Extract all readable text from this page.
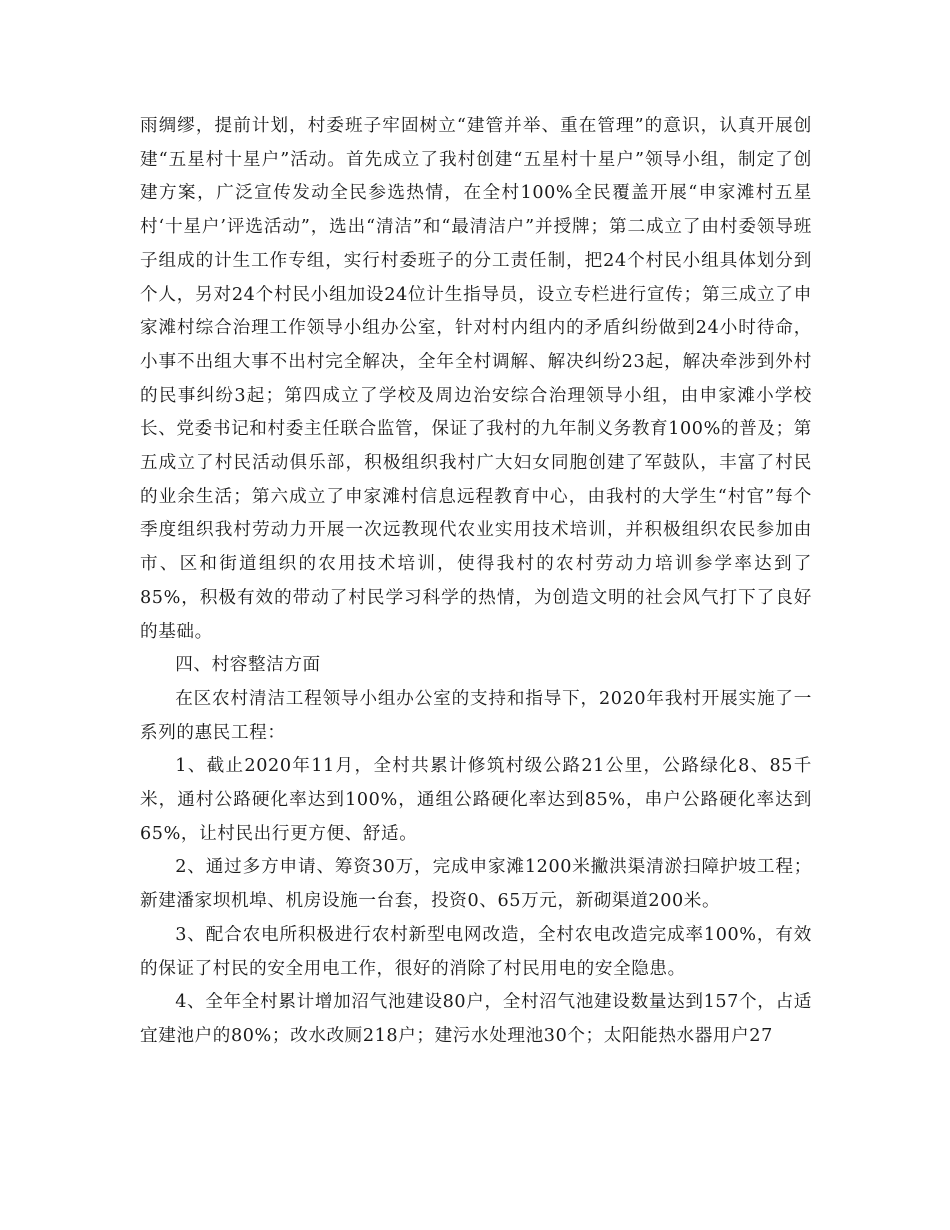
雨绸缪，提前计划，村委班子牢固树立“建管并举、重在管理”的意识，认真开展创建“五星村十星户”活动。首先成立了我村创建“五星村十星户”领导小组，制定了创建方案，广泛宣传发动全民参选热情，在全村100%全民覆盖开展“申家滩村五星村‘十星户’评选活动”，选出“清洁”和“最清洁户”并授牌；第二成立了由村委领导班子组成的计生工作专组，实行村委班子的分工责任制，把24个村民小组具体划分到个人，另对24个村民小组加设24位计生指导员，设立专栏进行宣传；第三成立了申家滩村综合治理工作领导小组办公室，针对村内组内的矛盾纠纷做到24小时待命，小事不出组大事不出村完全解决，全年全村调解、解决纠纷23起，解决牵涉到外村的民事纠纷3起；第四成立了学校及周边治安综合治理领导小组，由申家滩小学校长、党委书记和村委主任联合监管，保证了我村的九年制义务教育100%的普及；第五成立了村民活动俱乐部，积极组织我村广大妇女同胞创建了军鼓队，丰富了村民的业余生活；第六成立了申家滩村信息远程教育中心，由我村的大学生“村官”每个季度组织我村劳动力开展一次远教现代农业实用技术培训，并积极组织农民参加由市、区和街道组织的农用技术培训，使得我村的农村劳动力培训参学率达到了85%，积极有效的带动了村民学习科学的热情，为创造文明的社会风气打下了良好的基础。

四、村容整洁方面

在区农村清洁工程领导小组办公室的支持和指导下，2020年我村开展实施了一系列的惠民工程：

1、截止2020年11月，全村共累计修筑村级公路21公里，公路绿化8、85千米，通村公路硬化率达到100%，通组公路硬化率达到85%，串户公路硬化率达到65%，让村民出行更方便、舒适。

2、通过多方申请、筹资30万，完成申家滩1200米撇洪渠清淤扫障护坡工程；新建潘家坝机埠、机房设施一台套，投资0、65万元，新砌渠道200米。

3、配合农电所积极进行农村新型电网改造，全村农电改造完成率100%，有效的保证了村民的安全用电工作，很好的消除了村民用电的安全隐患。

4、全年全村累计增加沼气池建设80户，全村沼气池建设数量达到157个，占适宜建池户的80%；改水改厕218户；建污水处理池30个；太阳能热水器用户27
